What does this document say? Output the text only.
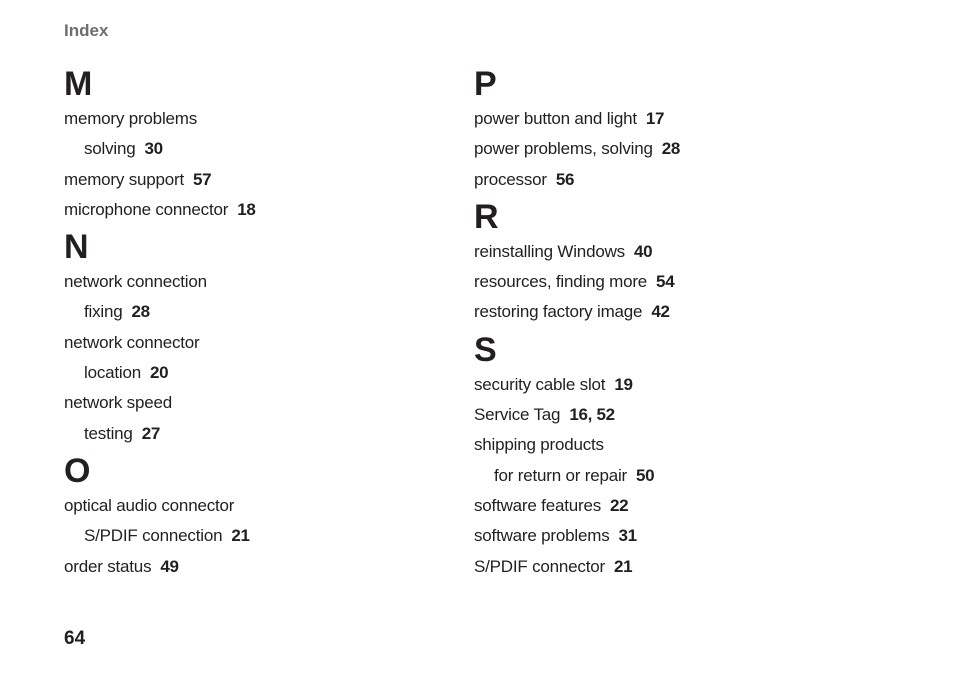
Index
M
memory problems
solving 30
memory support 57
microphone connector 18
N
network connection
fixing 28
network connector
location 20
network speed
testing 27
O
optical audio connector
S/PDIF connection 21
order status 49
P
power button and light 17
power problems, solving 28
processor 56
R
reinstalling Windows 40
resources, finding more 54
restoring factory image 42
S
security cable slot 19
Service Tag 16, 52
shipping products
for return or repair 50
software features 22
software problems 31
S/PDIF connector 21
64
